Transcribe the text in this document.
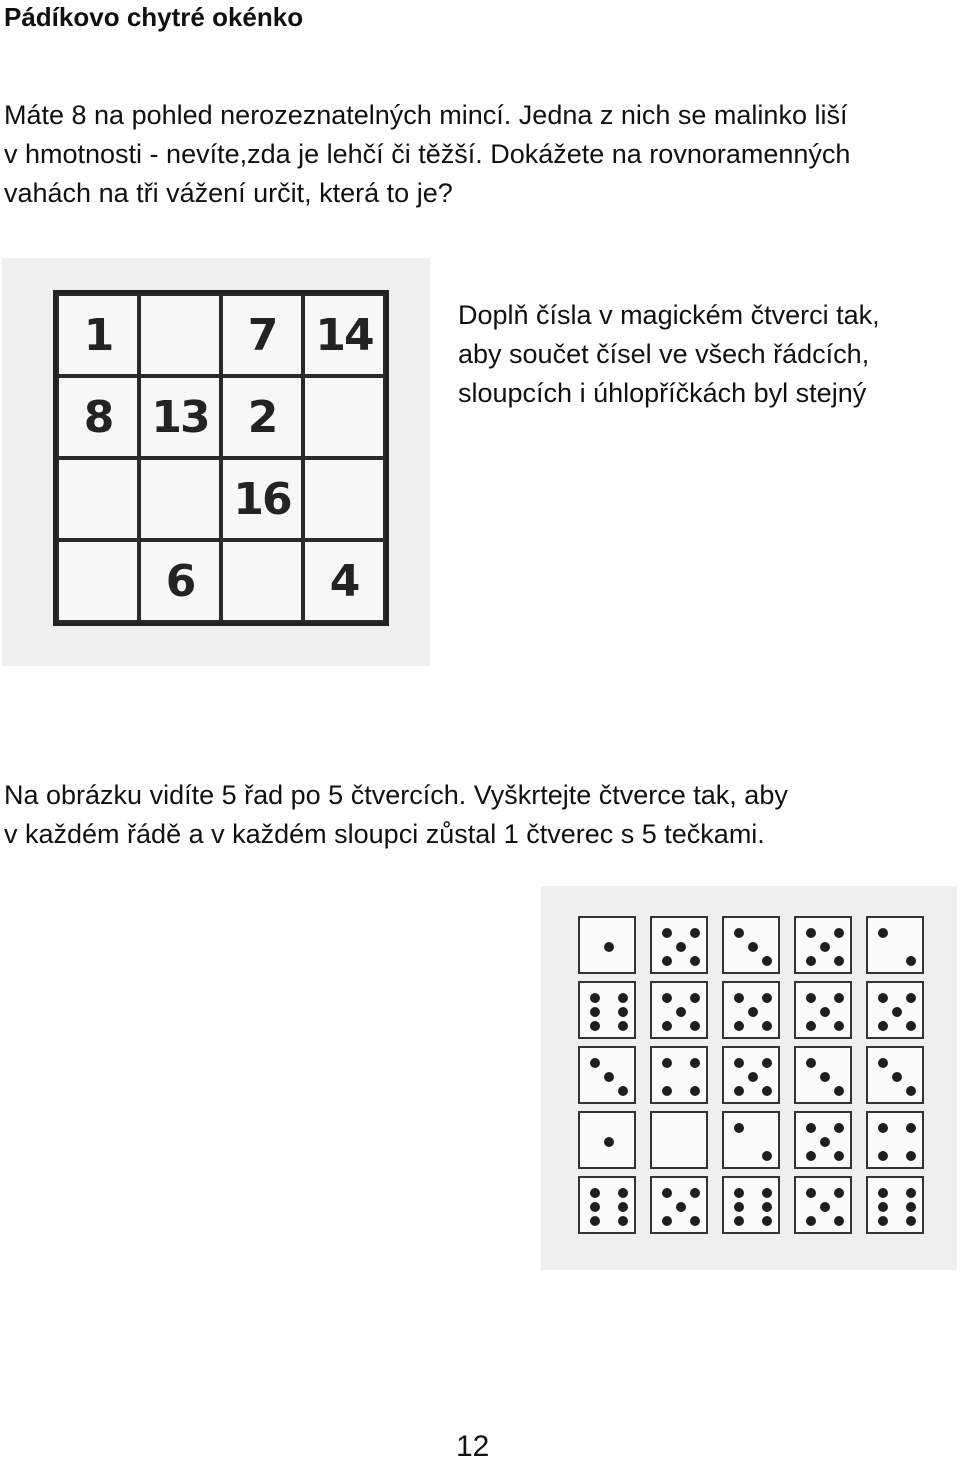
Pádíkovo chytré okénko

Máte 8 na pohled nerozeznatelných mincí. Jedna z nich se malinko liší
v hmotnosti - nevíte,zda je lehčí či těžší. Dokážete na rovnoramenných
vahách na tři vážení určit, která to je?

1	7 14
8 13 2
16
6	4

Doplň čísla v magickém čtverci tak,
aby součet čísel ve všech řádcích,
sloupcích i úhlopříčkách byl stejný

Na obrázku vidíte 5 řad po 5 čtvercích. Vyškrtejte čtverce tak, aby
v každém řádě a v každém sloupci zůstal 1 čtverec s 5 tečkami.

12
